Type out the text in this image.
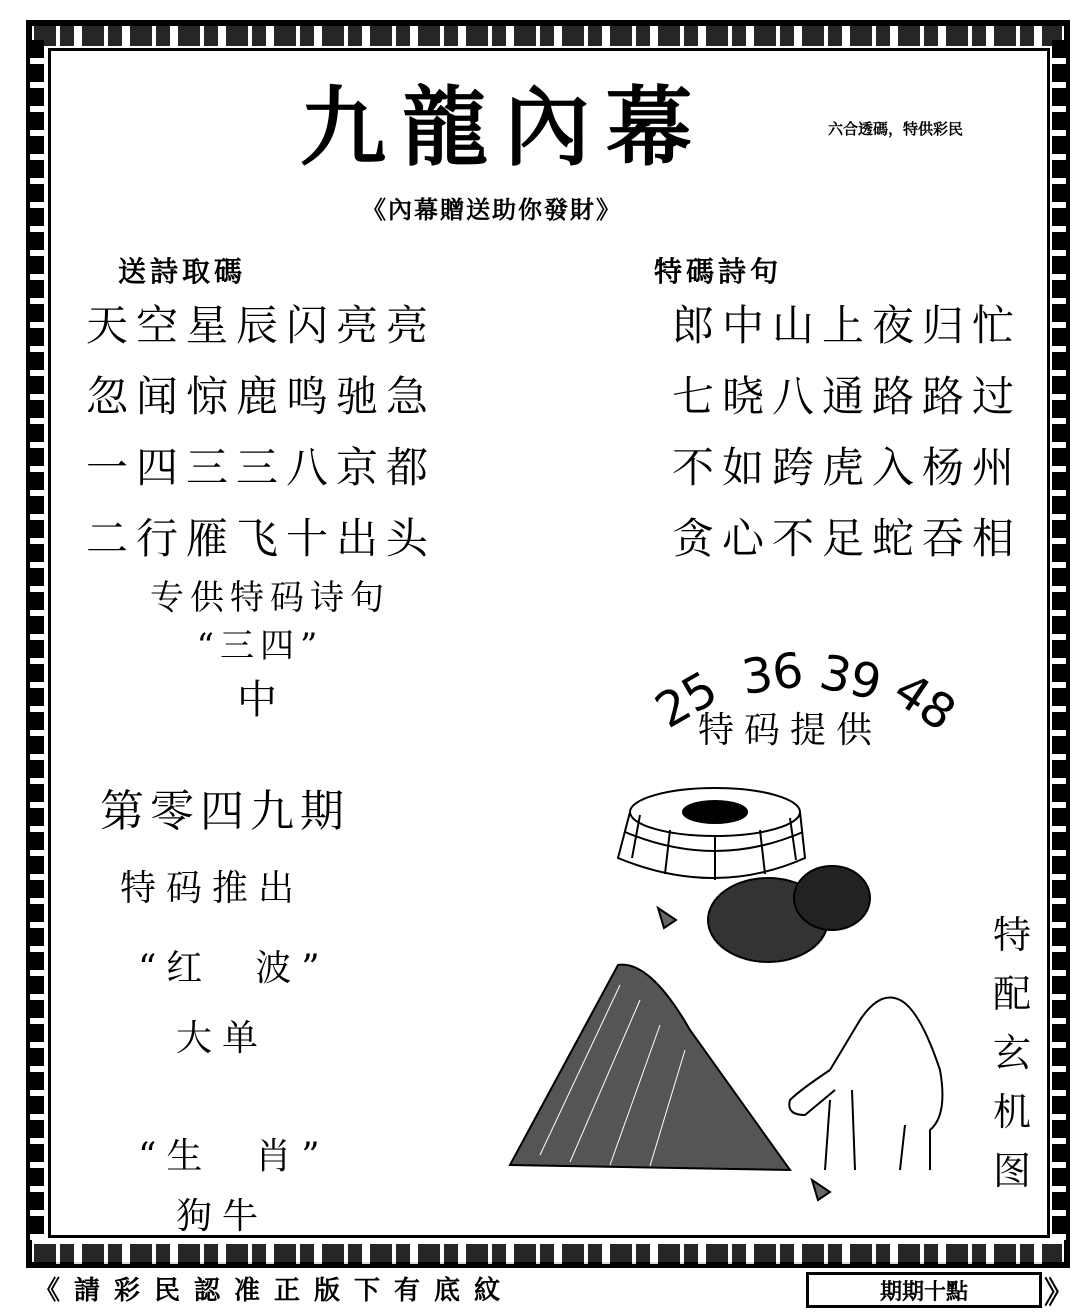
九龍內幕	六合透碼，特供彩民
《內幕贈送助你發財》
送詩取碼	特碼詩句
天空星辰闪亮亮
忽闻惊鹿鸣驰急
一四三三八京都
二行雁飞十出头
郎中山上夜归忙
七晓八通路路过
不如跨虎入杨州
贪心不足蛇吞相
专供特码诗句
“三四”
中	25 36 39
48
特码提供
第零四九期
特码推出
“红  波”
大单
“生  肖”
狗牛
特
配
玄
机
图
《請彩民認准正版下有底紋	期期十點	》
